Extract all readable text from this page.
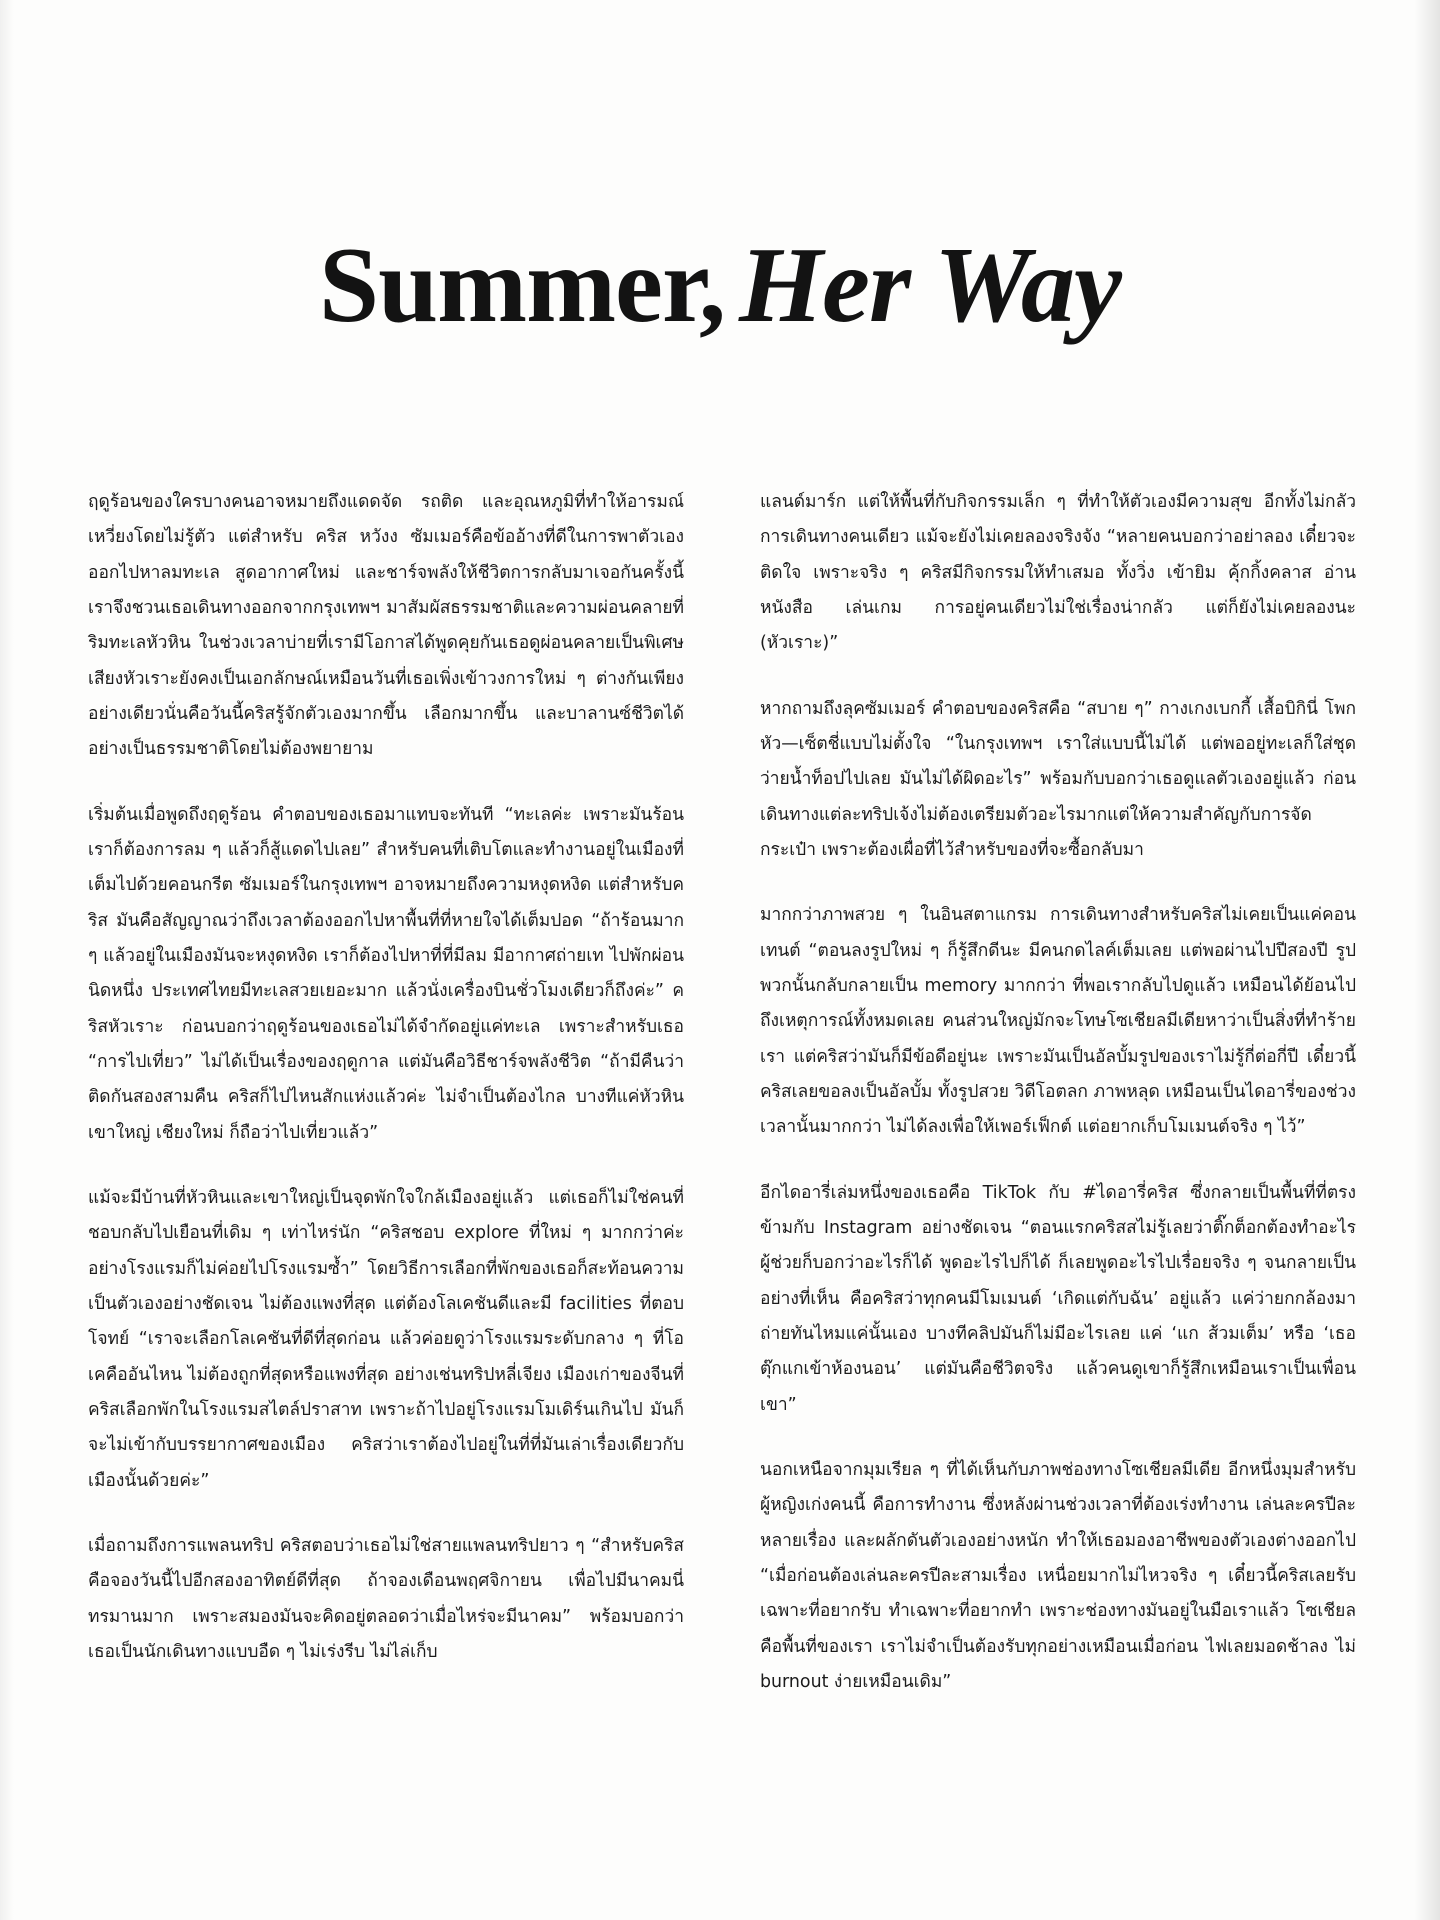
Summer, Her Way

ฤดูร้อนของใครบางคนอาจหมายถึงแดดจัด รถติด และอุณหภูมิที่ทำให้อารมณ์เหวี่ยงโดยไม่รู้ตัว แต่สำหรับ คริส หวังง ซัมเมอร์คือข้ออ้างที่ดีในการพาตัวเองออกไปหาลมทะเล สูดอากาศใหม่ และชาร์จพลังให้ชีวิตการกลับมาเจอกันครั้งนี้เราจึงชวนเธอเดินทางออกจากกรุงเทพฯ มาสัมผัสธรรมชาติและความผ่อนคลายที่ริมทะเลหัวหิน ในช่วงเวลาบ่ายที่เรามีโอกาสได้พูดคุยกันเธอดูผ่อนคลายเป็นพิเศษ เสียงหัวเราะยังคงเป็นเอกลักษณ์เหมือนวันที่เธอเพิ่งเข้าวงการใหม่ ๆ ต่างกันเพียงอย่างเดียวนั่นคือวันนี้คริสรู้จักตัวเองมากขึ้น เลือกมากขึ้น และบาลานซ์ชีวิตได้อย่างเป็นธรรมชาติโดยไม่ต้องพยายาม

เริ่มต้นเมื่อพูดถึงฤดูร้อน คำตอบของเธอมาแทบจะทันที “ทะเลค่ะ เพราะมันร้อน เราก็ต้องการลม ๆ แล้วก็สู้แดดไปเลย” สำหรับคนที่เติบโตและทำงานอยู่ในเมืองที่เต็มไปด้วยคอนกรีต ซัมเมอร์ในกรุงเทพฯ อาจหมายถึงความหงุดหงิด แต่สำหรับคริส มันคือสัญญาณว่าถึงเวลาต้องออกไปหาพื้นที่ที่หายใจได้เต็มปอด “ถ้าร้อนมาก ๆ แล้วอยู่ในเมืองมันจะหงุดหงิด เราก็ต้องไปหาที่ที่มีลม มีอากาศถ่ายเท ไปพักผ่อนนิดหนึ่ง ประเทศไทยมีทะเลสวยเยอะมาก แล้วนั่งเครื่องบินชั่วโมงเดียวก็ถึงค่ะ” คริสหัวเราะ ก่อนบอกว่าฤดูร้อนของเธอไม่ได้จำกัดอยู่แค่ทะเล เพราะสำหรับเธอ “การไปเที่ยว” ไม่ได้เป็นเรื่องของฤดูกาล แต่มันคือวิธีชาร์จพลังชีวิต “ถ้ามีคืนว่าติดกันสองสามคืน คริสก็ไปไหนสักแห่งแล้วค่ะ ไม่จำเป็นต้องไกล บางทีแค่หัวหิน เขาใหญ่ เชียงใหม่ ก็ถือว่าไปเที่ยวแล้ว”

แม้จะมีบ้านที่หัวหินและเขาใหญ่เป็นจุดพักใจใกล้เมืองอยู่แล้ว แต่เธอก็ไม่ใช่คนที่ชอบกลับไปเยือนที่เดิม ๆ เท่าไหร่นัก “คริสชอบ explore ที่ใหม่ ๆ มากกว่าค่ะ อย่างโรงแรมก็ไม่ค่อยไปโรงแรมซ้ำ” โดยวิธีการเลือกที่พักของเธอก็สะท้อนความเป็นตัวเองอย่างชัดเจน ไม่ต้องแพงที่สุด แต่ต้องโลเคชันดีและมี facilities ที่ตอบโจทย์ “เราจะเลือกโลเคชันที่ดีที่สุดก่อน แล้วค่อยดูว่าโรงแรมระดับกลาง ๆ ที่โอเคคืออันไหน ไม่ต้องถูกที่สุดหรือแพงที่สุด อย่างเช่นทริปหลี่เจียง เมืองเก่าของจีนที่คริสเลือกพักในโรงแรมสไตล์ปราสาท เพราะถ้าไปอยู่โรงแรมโมเดิร์นเกินไป มันก็จะไม่เข้ากับบรรยากาศของเมือง คริสว่าเราต้องไปอยู่ในที่ที่มันเล่าเรื่องเดียวกับเมืองนั้นด้วยค่ะ”

เมื่อถามถึงการแพลนทริป คริสตอบว่าเธอไม่ใช่สายแพลนทริปยาว ๆ “สำหรับคริสคือจองวันนี้ไปอีกสองอาทิตย์ดีที่สุด ถ้าจองเดือนพฤศจิกายน เพื่อไปมีนาคมนี่ทรมานมาก เพราะสมองมันจะคิดอยู่ตลอดว่าเมื่อไหร่จะมีนาคม” พร้อมบอกว่าเธอเป็นนักเดินทางแบบอืด ๆ ไม่เร่งรีบ ไม่ไล่เก็บ

แลนด์มาร์ก แต่ให้พื้นที่กับกิจกรรมเล็ก ๆ ที่ทำให้ตัวเองมีความสุข อีกทั้งไม่กลัวการเดินทางคนเดียว แม้จะยังไม่เคยลองจริงจัง “หลายคนบอกว่าอย่าลอง เดี๋ยวจะติดใจ เพราะจริง ๆ คริสมีกิจกรรมให้ทำเสมอ ทั้งวิ่ง เข้ายิม คุ้กกิ้งคลาส อ่านหนังสือ เล่นเกม การอยู่คนเดียวไม่ใช่เรื่องน่ากลัว แต่ก็ยังไม่เคยลองนะ (หัวเราะ)”

หากถามถึงลุคซัมเมอร์ คำตอบของคริสคือ “สบาย ๆ” กางเกงเบกกี้ เสื้อบิกินี่ โพกหัว—เซ็ตชี่แบบไม่ตั้งใจ “ในกรุงเทพฯ เราใส่แบบนี้ไม่ได้ แต่พออยู่ทะเลก็ใส่ชุดว่ายน้ำท็อปไปเลย มันไม่ได้ผิดอะไร” พร้อมกับบอกว่าเธอดูแลตัวเองอยู่แล้ว ก่อนเดินทางแต่ละทริปเจ้งไม่ต้องเตรียมตัวอะไรมากแต่ให้ความสำคัญกับการจัดกระเป๋า เพราะต้องเผื่อที่ไว้สำหรับของที่จะซื้อกลับมา

มากกว่าภาพสวย ๆ ในอินสตาแกรม การเดินทางสำหรับคริสไม่เคยเป็นแค่คอนเทนต์ “ตอนลงรูปใหม่ ๆ ก็รู้สึกดีนะ มีคนกดไลค์เต็มเลย แต่พอผ่านไปปีสองปี รูปพวกนั้นกลับกลายเป็น memory มากกว่า ที่พอเรากลับไปดูแล้ว เหมือนได้ย้อนไปถึงเหตุการณ์ทั้งหมดเลย คนส่วนใหญ่มักจะโทษโซเชียลมีเดียหาว่าเป็นสิ่งที่ทำร้ายเรา แต่คริสว่ามันก็มีข้อดีอยู่นะ เพราะมันเป็นอัลบั้มรูปของเราไม่รู้กี่ต่อกี่ปี เดี๋ยวนี้คริสเลยขอลงเป็นอัลบั้ม ทั้งรูปสวย วิดีโอตลก ภาพหลุด เหมือนเป็นไดอารี่ของช่วงเวลานั้นมากกว่า ไม่ได้ลงเพื่อให้เพอร์เฟ็กต์ แต่อยากเก็บโมเมนต์จริง ๆ ไว้”

อีกไดอารี่เล่มหนึ่งของเธอคือ TikTok กับ #ไดอารี่คริส ซึ่งกลายเป็นพื้นที่ที่ตรงข้ามกับ Instagram อย่างชัดเจน “ตอนแรกคริสสไม่รู้เลยว่าติ๊กต็อกต้องทำอะไร ผู้ช่วยก็บอกว่าอะไรก็ได้ พูดอะไรไปก็ได้ ก็เลยพูดอะไรไปเรื่อยจริง ๆ จนกลายเป็นอย่างที่เห็น คือคริสว่าทุกคนมีโมเมนต์ ‘เกิดแต่กับฉัน’ อยู่แล้ว แค่ว่ายกกล้องมาถ่ายทันไหมแค่นั้นเอง บางทีคลิปมันก็ไม่มีอะไรเลย แค่ ‘แก ส้วมเต็ม’ หรือ ‘เธอ ตุ๊กแกเข้าห้องนอน’ แต่มันคือชีวิตจริง แล้วคนดูเขาก็รู้สึกเหมือนเราเป็นเพื่อนเขา”

นอกเหนือจากมุมเรียล ๆ ที่ได้เห็นกับภาพช่องทางโซเชียลมีเดีย อีกหนึ่งมุมสำหรับผู้หญิงเก่งคนนี้ คือการทำงาน ซึ่งหลังผ่านช่วงเวลาที่ต้องเร่งทำงาน เล่นละครปีละหลายเรื่อง และผลักดันตัวเองอย่างหนัก ทำให้เธอมองอาชีพของตัวเองต่างออกไป “เมื่อก่อนต้องเล่นละครปีละสามเรื่อง เหนื่อยมากไม่ไหวจริง ๆ เดี๋ยวนี้คริสเลยรับเฉพาะที่อยากรับ ทำเฉพาะที่อยากทำ เพราะช่องทางมันอยู่ในมือเราแล้ว โซเชียลคือพื้นที่ของเรา เราไม่จำเป็นต้องรับทุกอย่างเหมือนเมื่อก่อน ไฟเลยมอดช้าลง ไม่ burnout ง่ายเหมือนเดิม”
